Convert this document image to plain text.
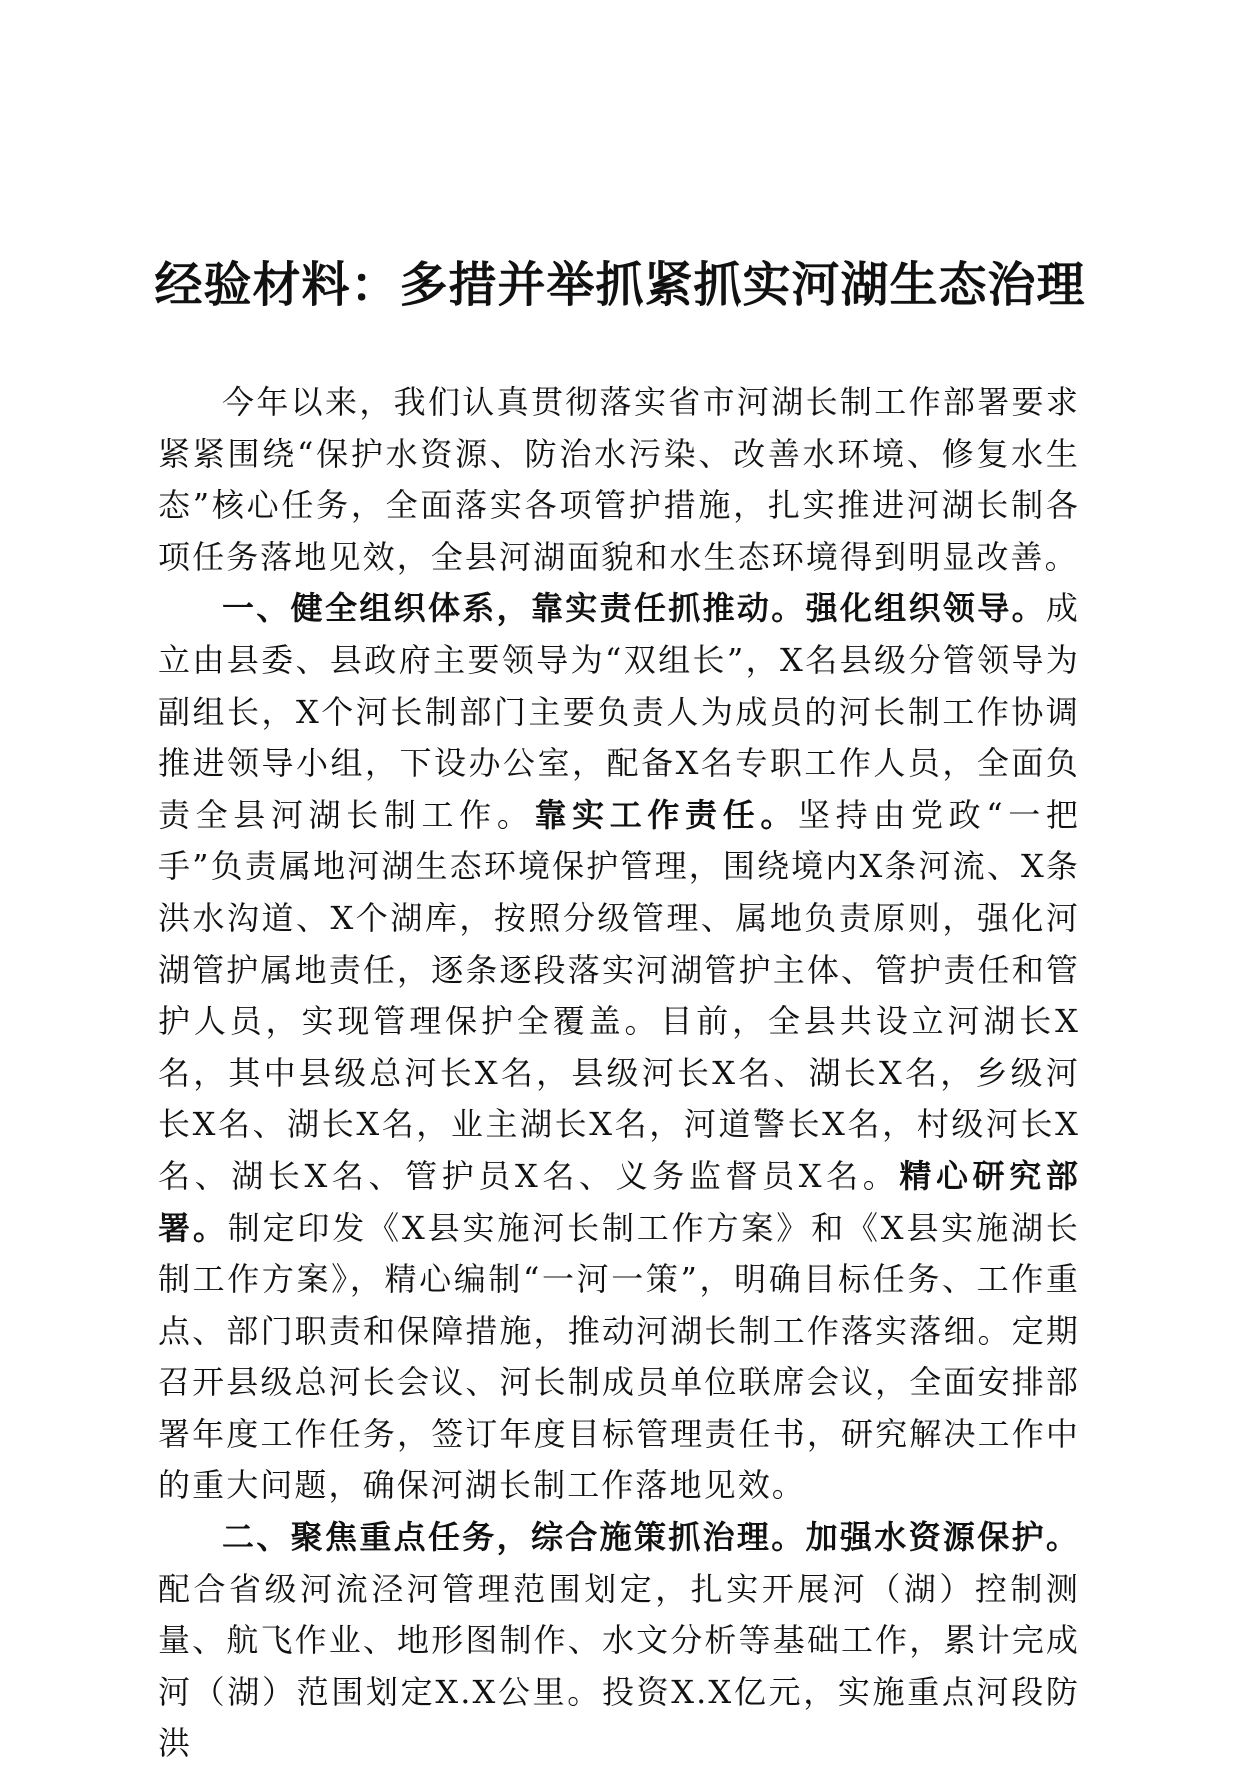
经验材料：多措并举抓紧抓实河湖生态治理

今年以来，我们认真贯彻落实省市河湖长制工作部署要求紧紧围绕“保护水资源、防治水污染、改善水环境、修复水生态”核心任务，全面落实各项管护措施，扎实推进河湖长制各项任务落地见效，全县河湖面貌和水生态环境得到明显改善。

一、健全组织体系，靠实责任抓推动。强化组织领导。成立由县委、县政府主要领导为“双组长”，X名县级分管领导为副组长，X个河长制部门主要负责人为成员的河长制工作协调推进领导小组，下设办公室，配备X名专职工作人员，全面负责全县河湖长制工作。靠实工作责任。坚持由党政“一把手”负责属地河湖生态环境保护管理，围绕境内X条河流、X条洪水沟道、X个湖库，按照分级管理、属地负责原则，强化河湖管护属地责任，逐条逐段落实河湖管护主体、管护责任和管护人员，实现管理保护全覆盖。目前，全县共设立河湖长X名，其中县级总河长X名，县级河长X名、湖长X名，乡级河长X名、湖长X名，业主湖长X名，河道警长X名，村级河长X名、湖长X名、管护员X名、义务监督员X名。精心研究部署。制定印发《X县实施河长制工作方案》和《X县实施湖长制工作方案》，精心编制“一河一策”，明确目标任务、工作重点、部门职责和保障措施，推动河湖长制工作落实落细。定期召开县级总河长会议、河长制成员单位联席会议，全面安排部署年度工作任务，签订年度目标管理责任书，研究解决工作中的重大问题，确保河湖长制工作落地见效。

二、聚焦重点任务，综合施策抓治理。加强水资源保护。配合省级河流泾河管理范围划定，扎实开展河（湖）控制测量、航飞作业、地形图制作、水文分析等基础工作，累计完成河（湖）范围划定X.X公里。投资X.X亿元，实施重点河段防洪
